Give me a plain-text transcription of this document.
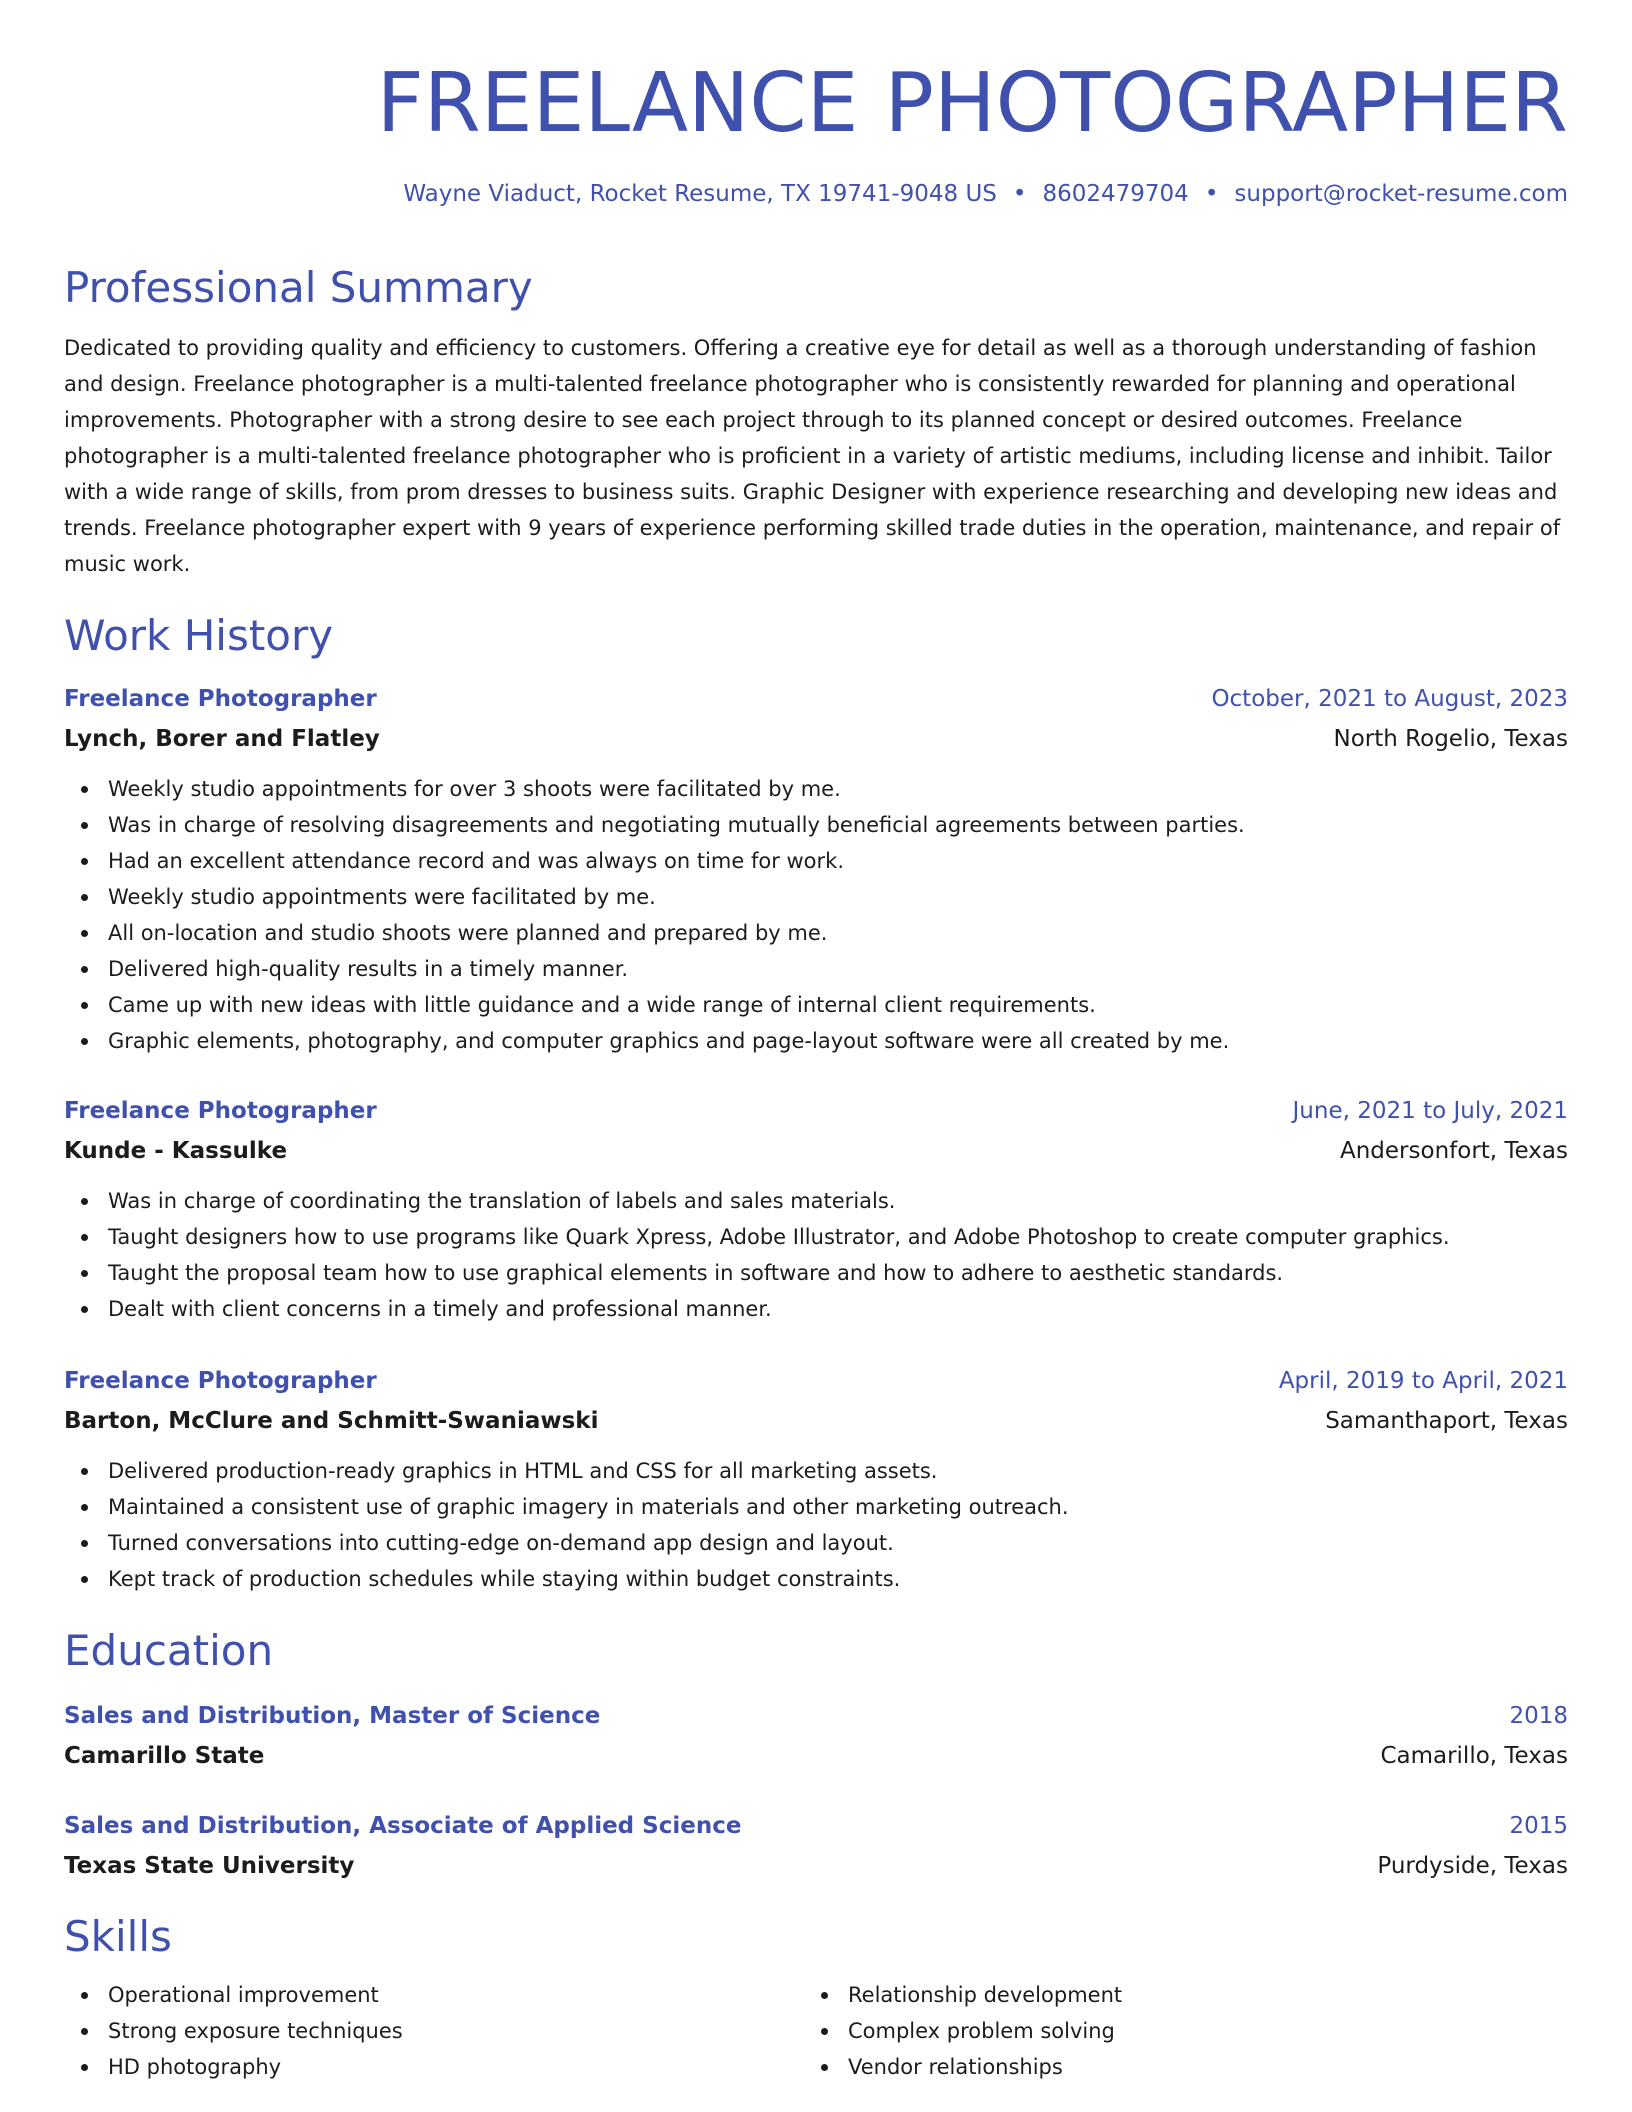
FREELANCE PHOTOGRAPHER
Wayne Viaduct, Rocket Resume, TX 19741-9048 US • 8602479704 • support@rocket-resume.com
Professional Summary

Dedicated to providing quality and efficiency to customers. Offering a creative eye for detail as well as a thorough understanding of fashion and design. Freelance photographer is a multi-talented freelance photographer who is consistently rewarded for planning and operational improvements. Photographer with a strong desire to see each project through to its planned concept or desired outcomes. Freelance photographer is a multi-talented freelance photographer who is proficient in a variety of artistic mediums, including license and inhibit. Tailor with a wide range of skills, from prom dresses to business suits. Graphic Designer with experience researching and developing new ideas and trends. Freelance photographer expert with 9 years of experience performing skilled trade duties in the operation, maintenance, and repair of music work.

Work History
Freelance Photographer	October, 2021 to August, 2023
Lynch, Borer and Flatley	North Rogelio, Texas
Weekly studio appointments for over 3 shoots were facilitated by me.
Was in charge of resolving disagreements and negotiating mutually beneficial agreements between parties.
Had an excellent attendance record and was always on time for work.
Weekly studio appointments were facilitated by me.
All on-location and studio shoots were planned and prepared by me.
Delivered high-quality results in a timely manner.
Came up with new ideas with little guidance and a wide range of internal client requirements.
Graphic elements, photography, and computer graphics and page-layout software were all created by me.
Freelance Photographer	June, 2021 to July, 2021
Kunde - Kassulke	Andersonfort, Texas
Was in charge of coordinating the translation of labels and sales materials.
Taught designers how to use programs like Quark Xpress, Adobe Illustrator, and Adobe Photoshop to create computer graphics.
Taught the proposal team how to use graphical elements in software and how to adhere to aesthetic standards.
Dealt with client concerns in a timely and professional manner.
Freelance Photographer	April, 2019 to April, 2021
Barton, McClure and Schmitt-Swaniawski	Samanthaport, Texas
Delivered production-ready graphics in HTML and CSS for all marketing assets.
Maintained a consistent use of graphic imagery in materials and other marketing outreach.
Turned conversations into cutting-edge on-demand app design and layout.
Kept track of production schedules while staying within budget constraints.
Education
Sales and Distribution, Master of Science	2018
Camarillo State	Camarillo, Texas
Sales and Distribution, Associate of Applied Science	2015
Texas State University	Purdyside, Texas
Skills
Operational improvement
Strong exposure techniques
HD photography
Relationship development
Complex problem solving
Vendor relationships
